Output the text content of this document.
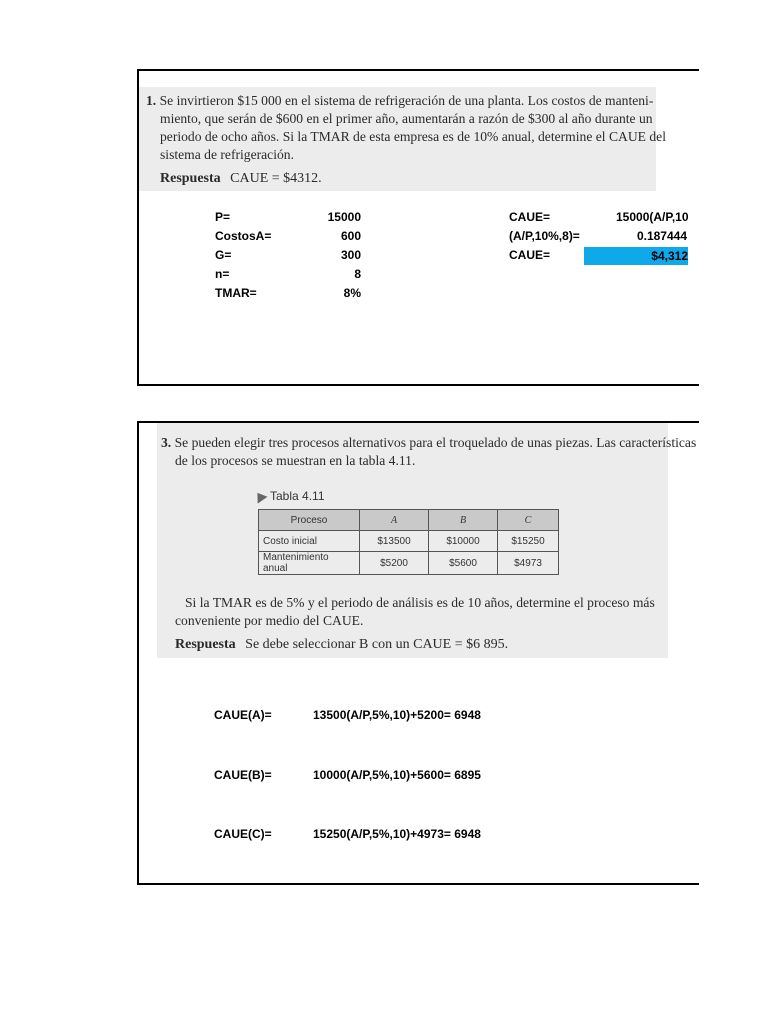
1. Se invirtieron $15 000 en el sistema de refrigeración de una planta. Los costos de manteni-
miento, que serán de $600 en el primer año, aumentarán a razón de $300 al año durante un
periodo de ocho años. Si la TMAR de esta empresa es de 10% anual, determine el CAUE del
sistema de refrigeración.
Respuesta CAUE = $4312.
P=	15000
CostosA=	600
G=	300
n=	8
TMAR=	8%
CAUE=	15000(A/P,10
(A/P,10%,8)=	0.187444
CAUE=	$4,312
3. Se pueden elegir tres procesos alternativos para el troquelado de unas piezas. Las características
de los procesos se muestran en la tabla 4.11.
Tabla 4.11
Proceso	A	B	C
Costo inicial	$13500	$10000	$15250
Mantenimiento anual	$5200	$5600	$4973
Si la TMAR es de 5% y el periodo de análisis es de 10 años, determine el proceso más
conveniente por medio del CAUE.
Respuesta Se debe seleccionar B con un CAUE = $6 895.
CAUE(A)=	13500(A/P,5%,10)+5200= 6948
CAUE(B)=	10000(A/P,5%,10)+5600= 6895
CAUE(C)=	15250(A/P,5%,10)+4973= 6948
